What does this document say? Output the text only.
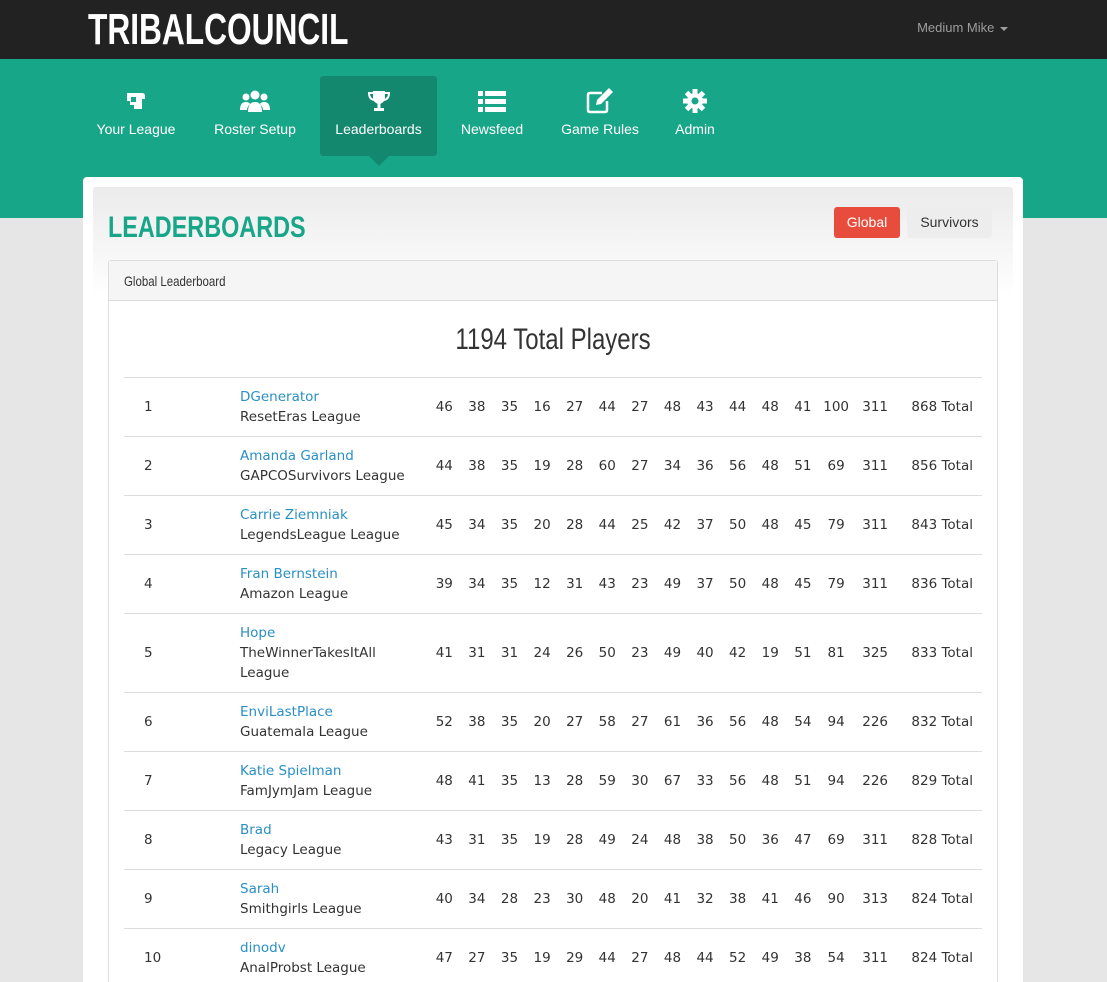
TRIBALCOUNCIL	Medium Mike
Your League	Roster Setup	Leaderboards	Newsfeed	Game Rules	Admin
LEADERBOARDS	Global	Survivors
Global Leaderboard
1194 Total Players
1	DGenerator
ResetEras League	46	38	35	16	27	44	27	48	43	44	48	41	100	311	868 Total
2	Amanda Garland
GAPCOSurvivors League	44	38	35	19	28	60	27	34	36	56	48	51	69	311	856 Total
3	Carrie Ziemniak
LegendsLeague League	45	34	35	20	28	44	25	42	37	50	48	45	79	311	843 Total
4	Fran Bernstein
Amazon League	39	34	35	12	31	43	23	49	37	50	48	45	79	311	836 Total
5	Hope
TheWinnerTakesItAll League	41	31	31	24	26	50	23	49	40	42	19	51	81	325	833 Total
6	EnviLastPlace
Guatemala League	52	38	35	20	27	58	27	61	36	56	48	54	94	226	832 Total
7	Katie Spielman
FamJymJam League	48	41	35	13	28	59	30	67	33	56	48	51	94	226	829 Total
8	Brad
Legacy League	43	31	35	19	28	49	24	48	38	50	36	47	69	311	828 Total
9	Sarah
Smithgirls League	40	34	28	23	30	48	20	41	32	38	41	46	90	313	824 Total
10	dinodv
AnalProbst League	47	27	35	19	29	44	27	48	44	52	49	38	54	311	824 Total
